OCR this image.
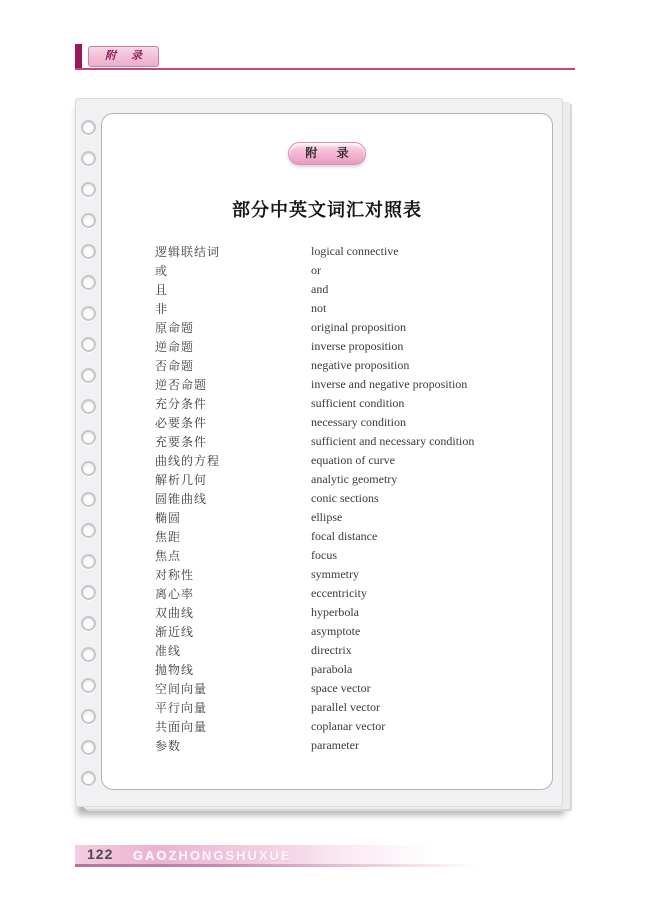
附 录
附 录
部分中英文词汇对照表
逻辑联结词	logical connective
或	or
且	and
非	not
原命题	original proposition
逆命题	inverse proposition
否命题	negative proposition
逆否命题	inverse and negative proposition
充分条件	sufficient condition
必要条件	necessary condition
充要条件	sufficient and necessary condition
曲线的方程	equation of curve
解析几何	analytic geometry
圆锥曲线	conic sections
椭圆	ellipse
焦距	focal distance
焦点	focus
对称性	symmetry
离心率	eccentricity
双曲线	hyperbola
渐近线	asymptote
准线	directrix
抛物线	parabola
空间向量	space vector
平行向量	parallel vector
共面向量	coplanar vector
参数	parameter
122 GAOZHONGSHUXUE
